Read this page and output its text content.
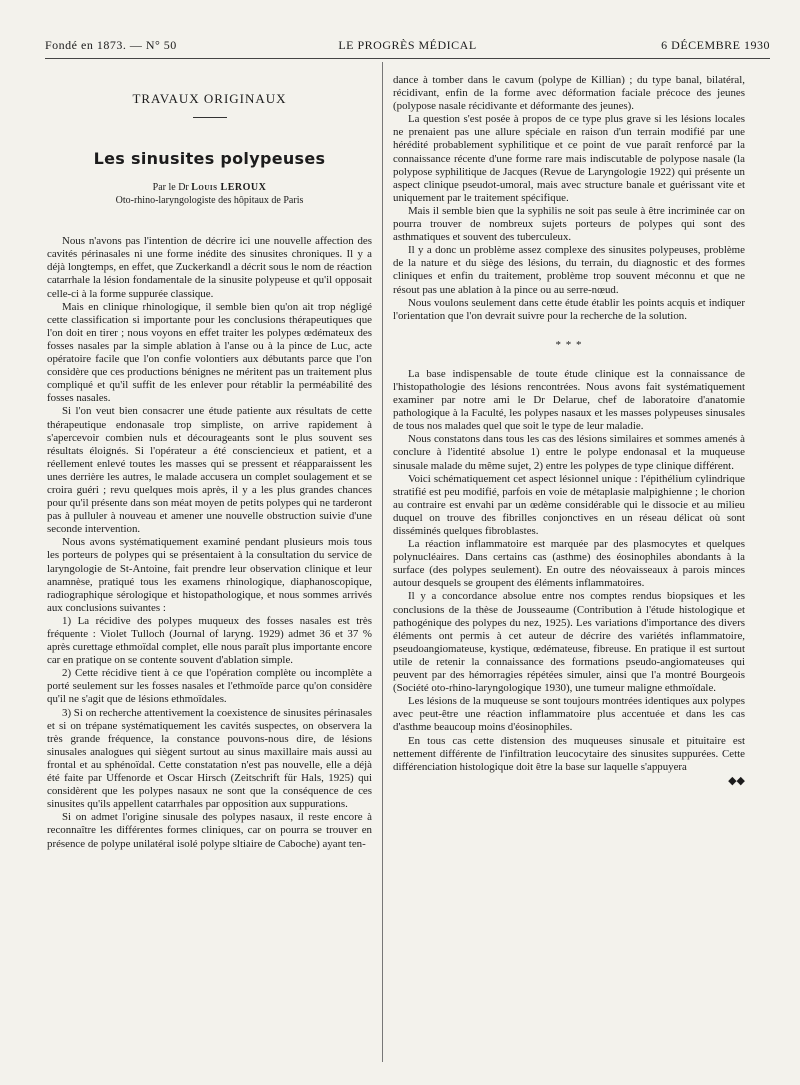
Fondé en 1873. — N° 50	LE PROGRÈS MÉDICAL	6 DÉCEMBRE 1930
TRAVAUX ORIGINAUX
Les sinusites polypeuses
Par le Dr Louis LEROUX
Oto-rhino-laryngologiste des hôpitaux de Paris

Nous n'avons pas l'intention de décrire ici une nouvelle affection des cavités périnasales ni une forme inédite des sinusites chroniques. Il y a déjà longtemps, en effet, que Zuckerkandl a décrit sous le nom de réaction catarrhale la lésion fondamentale de la sinusite polypeuse et qu'il opposait celle-ci à la forme suppurée classique.

Mais en clinique rhinologique, il semble bien qu'on ait trop négligé cette classification si importante pour les conclusions thérapeutiques que l'on doit en tirer ; nous voyons en effet traiter les polypes œdémateux des fosses nasales par la simple ablation à l'anse ou à la pince de Luc, acte opératoire facile que l'on confie volontiers aux débutants parce que l'on considère que ces productions bénignes ne méritent pas un traitement plus compliqué et qu'il suffit de les enlever pour rétablir la perméabilité des fosses nasales.

Si l'on veut bien consacrer une étude patiente aux résultats de cette thérapeutique endonasale trop simpliste, on arrive rapidement à s'apercevoir combien nuls et décourageants sont le plus souvent ses résultats éloignés. Si l'opérateur a été consciencieux et patient, et a réellement enlevé toutes les masses qui se pressent et réapparaissent les unes derrière les autres, le malade accusera un complet soulagement et se croira guéri ; revu quelques mois après, il y a les plus grandes chances pour qu'il présente dans son méat moyen de petits polypes qui ne tarderont pas à pulluler à nouveau et amener une nouvelle obstruction suivie d'une seconde intervention.

Nous avons systématiquement examiné pendant plusieurs mois tous les porteurs de polypes qui se présentaient à la consultation du service de laryngologie de St-Antoine, fait prendre leur observation clinique et leur anamnèse, pratiqué tous les examens rhinologique, diaphanoscopique, radiographique sérologique et histopathologique, et nous sommes arrivés aux conclusions suivantes :

1) La récidive des polypes muqueux des fosses nasales est très fréquente : Violet Tulloch (Journal of laryng. 1929) admet 36 et 37 % après curettage ethmoïdal complet, elle nous paraît plus importante encore car en pratique on se contente souvent d'ablation simple.

2) Cette récidive tient à ce que l'opération complète ou incomplète a porté seulement sur les fosses nasales et l'ethmoïde parce qu'on considère qu'il ne s'agit que de lésions ethmoïdales.

3) Si on recherche attentivement la coexistence de sinusites périnasales et si on trépane systématiquement les cavités suspectes, on observera la très grande fréquence, la constance pouvons-nous dire, de lésions sinusales analogues qui siègent surtout au sinus maxillaire mais aussi au frontal et au sphénoïdal. Cette constatation n'est pas nouvelle, elle a déjà été faite par Uffenorde et Oscar Hirsch (Zeitschrift für Hals, 1925) qui considèrent que les polypes nasaux ne sont que la conséquence de ces sinusites qu'ils appellent catarrhales par opposition aux suppurations.

Si on admet l'origine sinusale des polypes nasaux, il reste encore à reconnaître les différentes formes cliniques, car on pourra se trouver en présence de polype unilatéral isolé polype sltiaire de Caboche) ayant ten-

dance à tomber dans le cavum (polype de Killian) ; du type banal, bilatéral, récidivant, enfin de la forme avec déformation faciale précoce des jeunes (polypose nasale récidivante et déformante des jeunes).

La question s'est posée à propos de ce type plus grave si les lésions locales ne prenaient pas une allure spéciale en raison d'un terrain modifié par une hérédité probablement syphilitique et ce point de vue paraît renforcé par la connaissance récente d'une forme rare mais indiscutable de polypose nasale (la polypose syphilitique de Jacques (Revue de Laryngologie 1922) qui présente un aspect clinique pseudot-umoral, mais avec structure banale et guérissant vite et uniquement par le traitement spécifique.

Mais il semble bien que la syphilis ne soit pas seule à être incriminée car on pourra trouver de nombreux sujets porteurs de polypes qui sont des asthmatiques et souvent des tuberculeux.

Il y a donc un problème assez complexe des sinusites polypeuses, problème de la nature et du siège des lésions, du terrain, du diagnostic et des formes cliniques et enfin du traitement, problème trop souvent méconnu et que ne résout pas une ablation à la pince ou au serre-nœud.

Nous voulons seulement dans cette étude établir les points acquis et indiquer l'orientation que l'on devrait suivre pour la recherche de la solution.

* * *

La base indispensable de toute étude clinique est la connaissance de l'histopathologie des lésions rencontrées. Nous avons fait systématiquement examiner par notre ami le Dr Delarue, chef de laboratoire d'anatomie pathologique à la Faculté, les polypes nasaux et les masses polypeuses sinusales de tous nos malades quel que soit le type de leur maladie.

Nous constatons dans tous les cas des lésions similaires et sommes amenés à conclure à l'identité absolue 1) entre le polype endonasal et la muqueuse sinusale malade du même sujet, 2) entre les polypes de type clinique différent.

Voici schématiquement cet aspect lésionnel unique : l'épithélium cylindrique stratifié est peu modifié, parfois en voie de métaplasie malpighienne ; le chorion au contraire est envahi par un œdème considérable qui le dissocie et au milieu duquel on trouve des fibrilles conjonctives en un réseau délicat où sont disséminés quelques fibroblastes.

La réaction inflammatoire est marquée par des plasmocytes et quelques polynucléaires. Dans certains cas (asthme) des éosinophiles abondants à la surface (des polypes seulement). En outre des néovaisseaux à parois minces autour desquels se groupent des éléments inflammatoires.

Il y a concordance absolue entre nos comptes rendus biopsiques et les conclusions de la thèse de Jousseaume (Contribution à l'étude histologique et pathogénique des polypes du nez, 1925). Les variations d'importance des divers éléments ont permis à cet auteur de décrire des variétés inflammatoire, pseudoangiomateuse, kystique, œdémateuse, fibreuse. En pratique il est surtout utile de retenir la connaissance des formations pseudo-angiomateuses qui peuvent par des hémorragies répétées simuler, ainsi que l'a montré Bourgeois (Société oto-rhino-laryngologique 1930), une tumeur maligne ethmoïdale.

Les lésions de la muqueuse se sont toujours montrées identiques aux polypes avec peut-être une réaction inflammatoire plus accentuée et dans les cas d'asthme beaucoup moins d'éosinophiles.

En tous cas cette distension des muqueuses sinusale et pituitaire est nettement différente de l'infiltration leucocytaire des sinusites suppurées. Cette différenciation histologique doit être la base sur laquelle s'appuyera

◆◆
